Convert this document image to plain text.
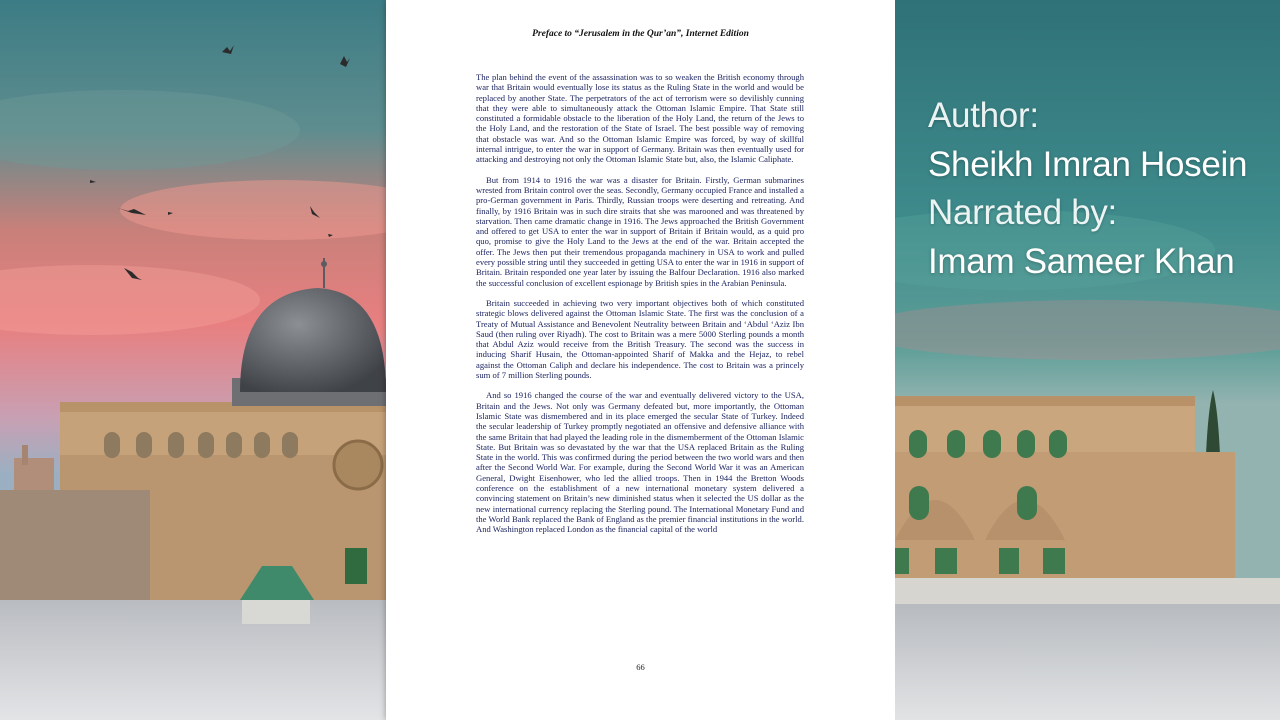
Preface to “Jerusalem in the Qur’an”, Internet Edition

The plan behind the event of the assassination was to so weaken the British economy through war that Britain would eventually lose its status as the Ruling State in the world and would be replaced by another State. The perpetrators of the act of terrorism were so devilishly cunning that they were able to simultaneously attack the Ottoman Islamic Empire. That State still constituted a formidable obstacle to the liberation of the Holy Land, the return of the Jews to the Holy Land, and the restoration of the State of Israel. The best possible way of removing that obstacle was war. And so the Ottoman Islamic Empire was forced, by way of skillful internal intrigue, to enter the war in support of Germany. Britain was then eventually used for attacking and destroying not only the Ottoman Islamic State but, also, the Islamic Caliphate.

But from 1914 to 1916 the war was a disaster for Britain. Firstly, German submarines wrested from Britain control over the seas. Secondly, Germany occupied France and installed a pro-German government in Paris. Thirdly, Russian troops were deserting and retreating. And finally, by 1916 Britain was in such dire straits that she was marooned and was threatened by starvation. Then came dramatic change in 1916. The Jews approached the British Government and offered to get USA to enter the war in support of Britain if Britain would, as a quid pro quo, promise to give the Holy Land to the Jews at the end of the war. Britain accepted the offer. The Jews then put their tremendous propaganda machinery in USA to work and pulled every possible string until they succeeded in getting USA to enter the war in 1916 in support of Britain. Britain responded one year later by issuing the Balfour Declaration. 1916 also marked the successful conclusion of excellent espionage by British spies in the Arabian Peninsula.

Britain succeeded in achieving two very important objectives both of which constituted strategic blows delivered against the Ottoman Islamic State. The first was the conclusion of a Treaty of Mutual Assistance and Benevolent Neutrality between Britain and ‘Abdul ‘Aziz Ibn Saud (then ruling over Riyadh). The cost to Britain was a mere 5000 Sterling pounds a month that Abdul Aziz would receive from the British Treasury. The second was the success in inducing Sharif Husain, the Ottoman-appointed Sharif of Makka and the Hejaz, to rebel against the Ottoman Caliph and declare his independence. The cost to Britain was a princely sum of 7 million Sterling pounds.

And so 1916 changed the course of the war and eventually delivered victory to the USA, Britain and the Jews. Not only was Germany defeated but, more importantly, the Ottoman Islamic State was dismembered and in its place emerged the secular State of Turkey. Indeed the secular leadership of Turkey promptly negotiated an offensive and defensive alliance with the same Britain that had played the leading role in the dismemberment of the Ottoman Islamic State. But Britain was so devastated by the war that the USA replaced Britain as the Ruling State in the world. This was confirmed during the period between the two world wars and then after the Second World War. For example, during the Second World War it was an American General, Dwight Eisenhower, who led the allied troops. Then in 1944 the Bretton Woods conference on the establishment of a new international monetary system delivered a convincing statement on Britain’s new diminished status when it selected the US dollar as the new international currency replacing the Sterling pound. The International Monetary Fund and the World Bank replaced the Bank of England as the premier financial institutions in the world. And Washington replaced London as the financial capital of the world

66
Author:
Sheikh Imran Hosein
Narrated by:
Imam Sameer Khan
